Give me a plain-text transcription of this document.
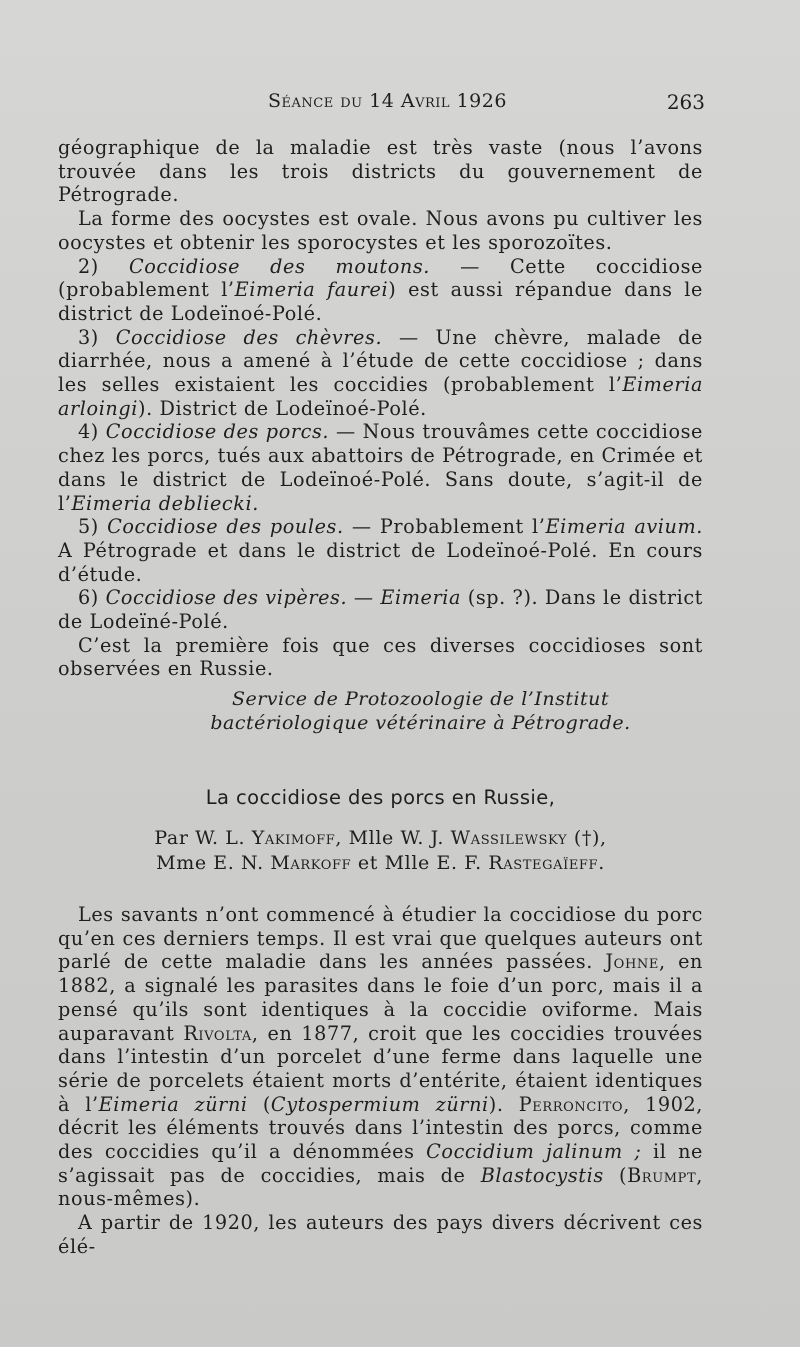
Séance du 14 Avril 1926	263

géographique de la maladie est très vaste (nous l’avons trouvée dans les trois districts du gouvernement de Pétrograde.

La forme des oocystes est ovale. Nous avons pu cultiver les oocystes et obtenir les sporocystes et les sporozoïtes.

2) Coccidiose des moutons. — Cette coccidiose (probablement l’Eimeria faurei) est aussi répandue dans le district de Lodeïnoé-Polé.

3) Coccidiose des chèvres. — Une chèvre, malade de diarrhée, nous a amené à l’étude de cette coccidiose ; dans les selles existaient les coccidies (probablement l’Eimeria arloingi). District de Lodeïnoé-Polé.

4) Coccidiose des porcs. — Nous trouvâmes cette coccidiose chez les porcs, tués aux abattoirs de Pétrograde, en Crimée et dans le district de Lodeïnoé-Polé. Sans doute, s’agit-il de l’Eimeria debliecki.

5) Coccidiose des poules. — Probablement l’Eimeria avium. A Pétrograde et dans le district de Lodeïnoé-Polé. En cours d’étude.

6) Coccidiose des vipères. — Eimeria (sp. ?). Dans le district de Lodeïné-Polé.

C’est la première fois que ces diverses coccidioses sont observées en Russie.

Service de Protozoologie de l’Institut
bactériologique vétérinaire à Pétrograde.
La coccidiose des porcs en Russie,
Par W. L. Yakimoff, Mlle W. J. Wassilewsky (†),
Mme E. N. Markoff et Mlle E. F. Rastegaïeff.

Les savants n’ont commencé à étudier la coccidiose du porc qu’en ces derniers temps. Il est vrai que quelques auteurs ont parlé de cette maladie dans les années passées. Johne, en 1882, a signalé les parasites dans le foie d’un porc, mais il a pensé qu’ils sont identiques à la coccidie oviforme. Mais auparavant Rivolta, en 1877, croit que les coccidies trouvées dans l’intestin d’un porcelet d’une ferme dans laquelle une série de porcelets étaient morts d’entérite, étaient identiques à l’Eimeria zürni (Cytospermium zürni). Perroncito, 1902, décrit les éléments trouvés dans l’intestin des porcs, comme des coccidies qu’il a dénommées Coccidium jalinum ; il ne s’agissait pas de coccidies, mais de Blastocystis (Brumpt, nous-mêmes).

A partir de 1920, les auteurs des pays divers décrivent ces élé-
